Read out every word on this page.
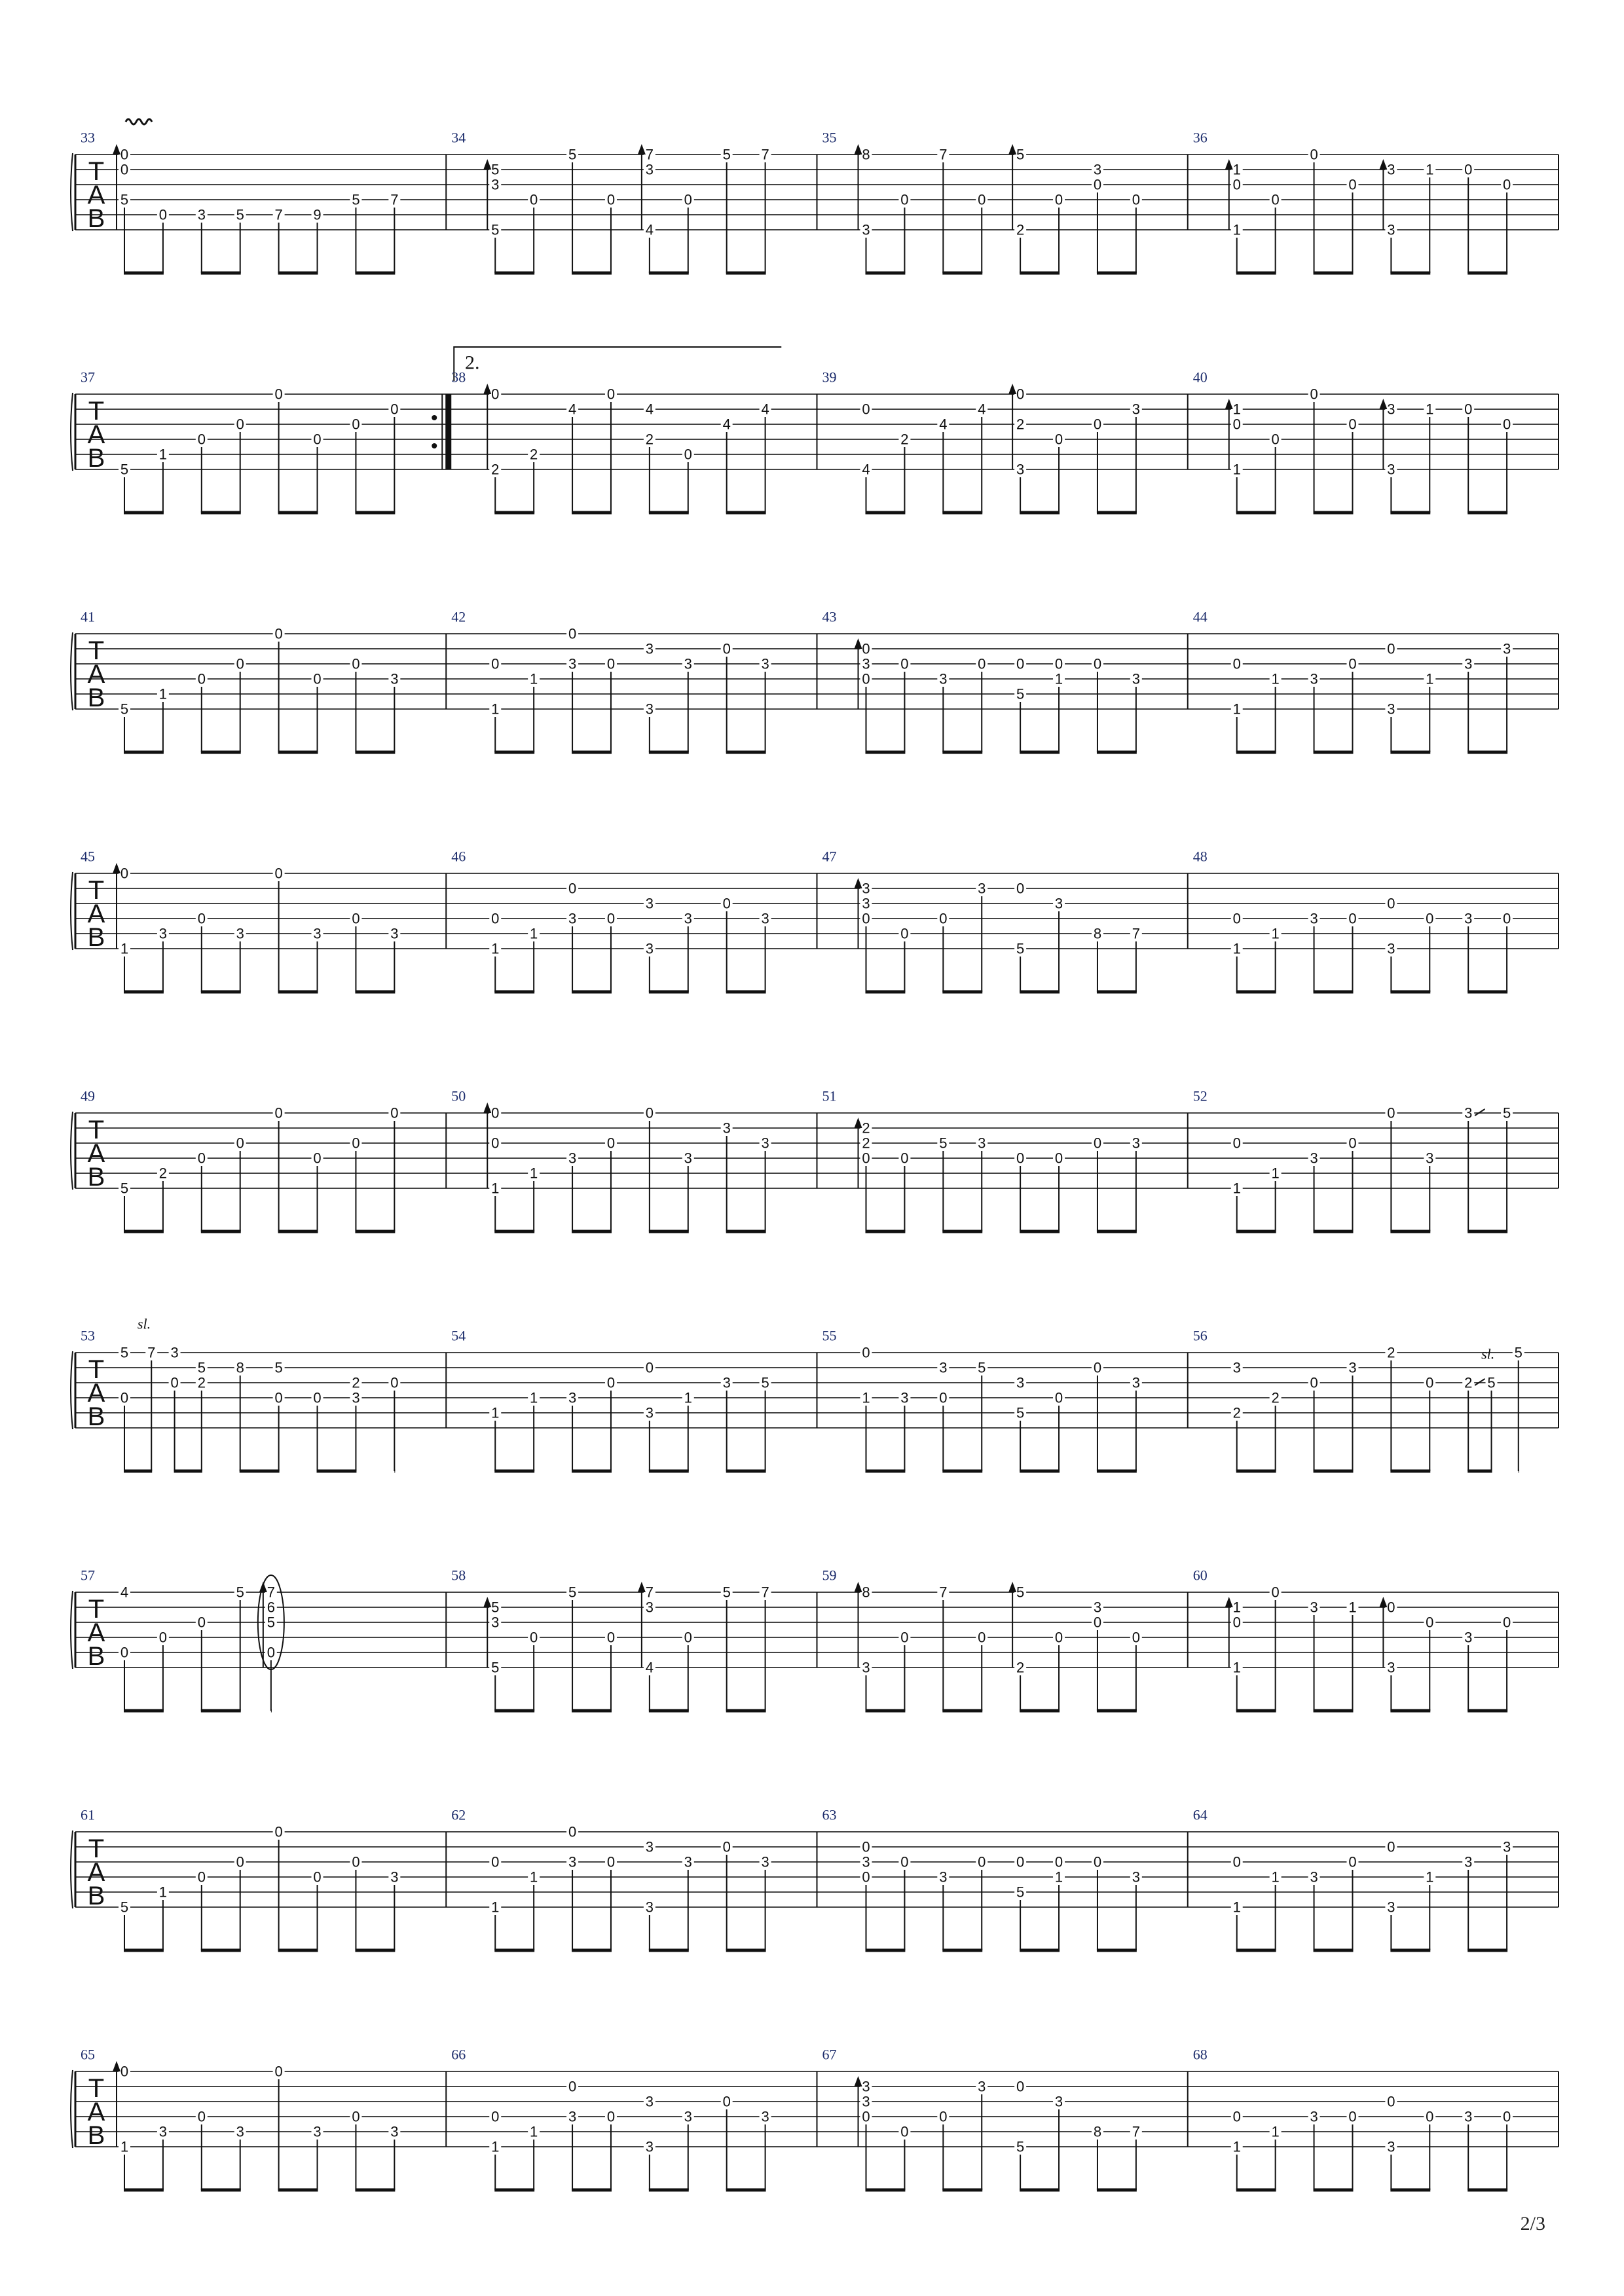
T
A
B
33
0
0
5
0 3 5 7 9
5 7
34
5
3
5
0
5
0
7
3
4
0
5 7
35
8
3
0
7
0
5
2
0
3
0
0
36
1
0
1
0
0
0
3
3
1 0
0
T
A
B
2.
37
5
1
0
0
0
0
0
0
38
0
2
2
4
0
4
2
0
4
4
39
0
4
2
4
4
0
2
3
0
0
3
40
1
0
1
0
0
0
3
3
1 0
0
T
A
B
41
5
1
0
0
0
0
0
3
42
0
1
1
0
3 0
3
3
3
0
3
43
0
3
0
0
3
0 0
5
0
1
0
3
44
0
1
1 3
0
0
3
1
3
3
T
A
B
45
0
1
3
0
3
0
3
0
3
46
0
1
1
0
3 0
3
3
3
0
3
47
3
3
0
0
0
3 0
5
3
8 7
48
0
1
1
3 0
0
3
0 3 0
T
A
B
49
5
2
0
0
0
0
0
0
50
0
0
1
1
3
0
0
3
3
3
51
2
2
0 0
5 3
0 0
0 3
52
0
1
1
3
0
0
3
3 5
T
A
B
53
5
0
sl.
7 3
0
5
2
8 5
0 0
2
3
0
54
1
1 3
0
0
3
1
3 5
55
0
1 3
3
0
5
3
5
0
0
3
56
3
2
2
0
3
2
0 2
sl.
5
5
T
A
B
57
4
0
0
0
5 7
6
5
0
58
5
3
5
0
5
0
7
3
4
0
5 7
59
8
3
0
7
0
5
2
0
3
0
0
60
1
0
1
0
3 1 0
3
0
3
0
T
A
B
61
5
1
0
0
0
0
0
3
62
0
1
1
0
3 0
3
3
3
0
3
63
0
3
0
0
3
0 0
5
0
1
0
3
64
0
1
1 3
0
0
3
1
3
3
T
A
B
65
0
1
3
0
3
0
3
0
3
66
0
1
1
0
3 0
3
3
3
0
3
67
3
3
0
0
0
3 0
5
3
8 7
68
0
1
1
3 0
0
3
0 3 0
2/3
